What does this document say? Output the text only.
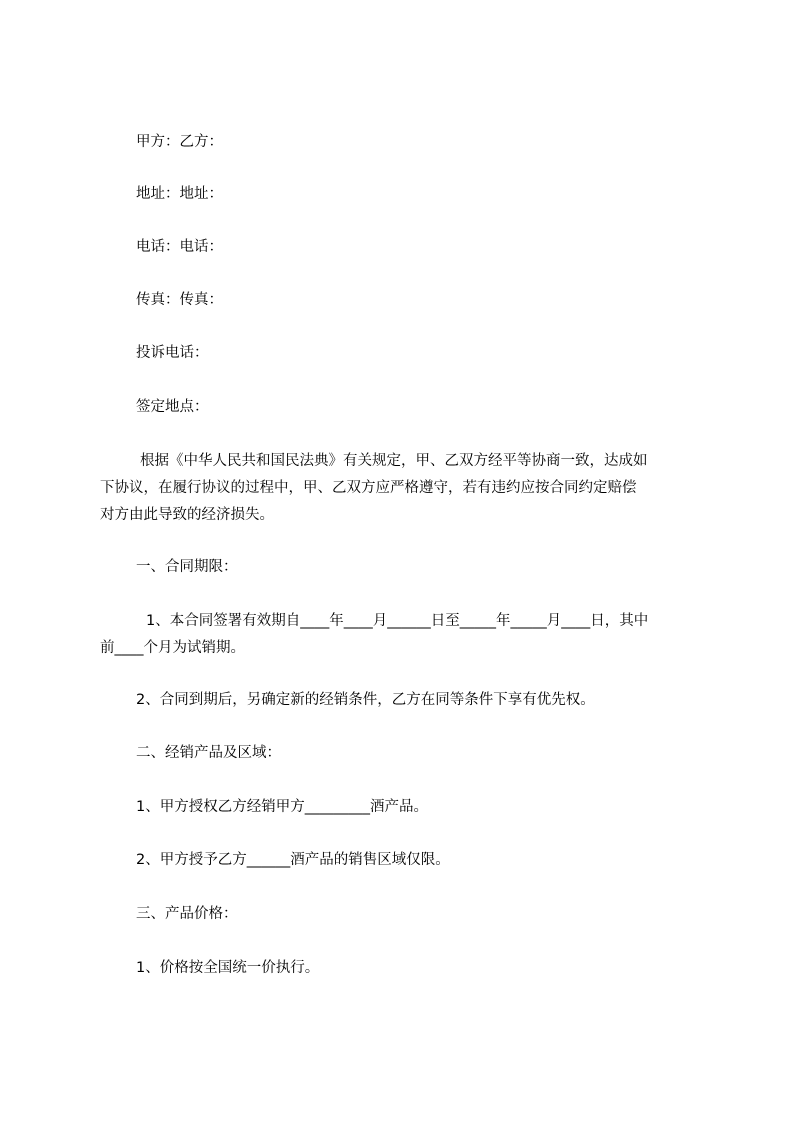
甲方：乙方：
地址：地址：
电话：电话：
传真：传真：
投诉电话：
签定地点：
根据《中华人民共和国民法典》有关规定，甲、乙双方经平等协商一致，达成如
下协议，在履行协议的过程中，甲、乙双方应严格遵守，若有违约应按合同约定赔偿
对方由此导致的经济损失。
一、合同期限：
1、本合同签署有效期自____年____月______日至_____年_____月____日，其中
前____个月为试销期。
2、合同到期后，另确定新的经销条件，乙方在同等条件下享有优先权。
二、经销产品及区域：
1、甲方授权乙方经销甲方_________酒产品。
2、甲方授予乙方______酒产品的销售区域仅限。
三、产品价格：
1、价格按全国统一价执行。
